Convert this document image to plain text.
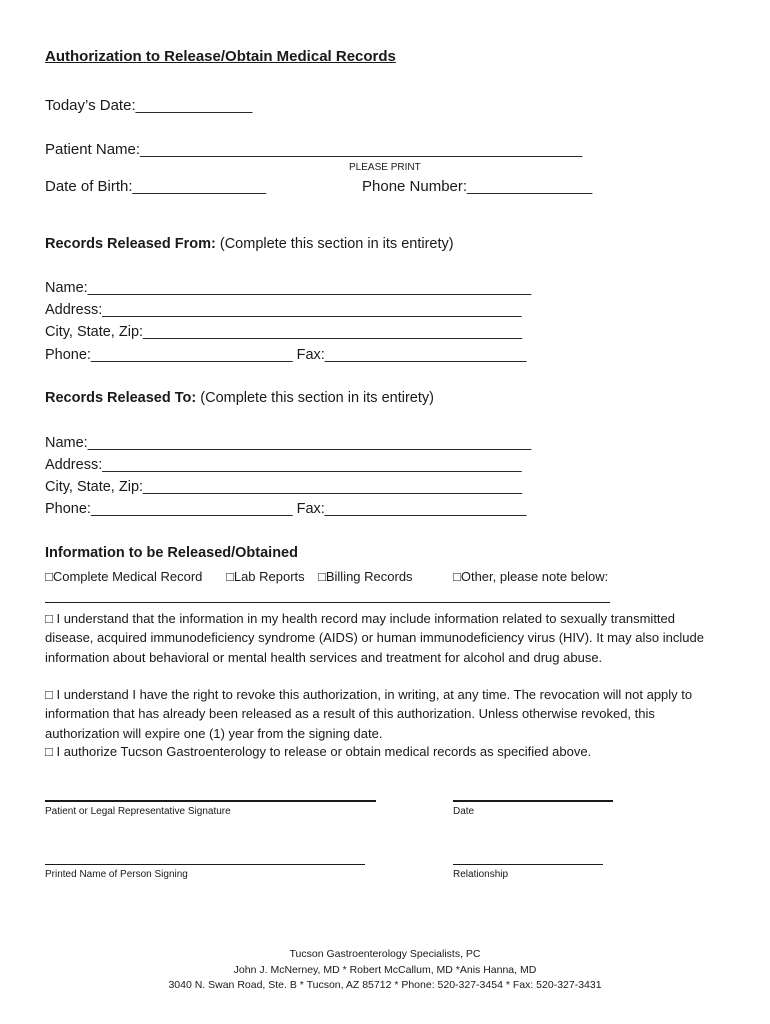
Authorization to Release/Obtain Medical Records
Today’s Date:______________
Patient Name:_____________________________________________________
PLEASE PRINT
Date of Birth:________________	Phone Number:_______________
Records Released From: (Complete this section in its entirety)
Name:_______________________________________________________
Address:____________________________________________________
City, State, Zip:_______________________________________________
Phone:_________________________ Fax:_________________________
Records Released To: (Complete this section in its entirety)
Name:_______________________________________________________
Address:____________________________________________________
City, State, Zip:_______________________________________________
Phone:_________________________ Fax:_________________________
Information to be Released/Obtained
□Complete Medical Record □Lab Reports □Billing Records	□Other, please note below:
□ I understand that the information in my health record may include information related to sexually transmitted disease, acquired immunodeficiency syndrome (AIDS) or human immunodeficiency virus (HIV). It may also include information about behavioral or mental health services and treatment for alcohol and drug abuse.
□ I understand I have the right to revoke this authorization, in writing, at any time. The revocation will not apply to information that has already been released as a result of this authorization. Unless otherwise revoked, this authorization will expire one (1) year from the signing date.
□ I authorize Tucson Gastroenterology to release or obtain medical records as specified above.
Patient or Legal Representative Signature	Date
Printed Name of Person Signing	Relationship
Tucson Gastroenterology Specialists, PC
John J. McNerney, MD * Robert McCallum, MD *Anis Hanna, MD
3040 N. Swan Road, Ste. B * Tucson, AZ 85712 * Phone: 520-327-3454 * Fax: 520-327-3431
